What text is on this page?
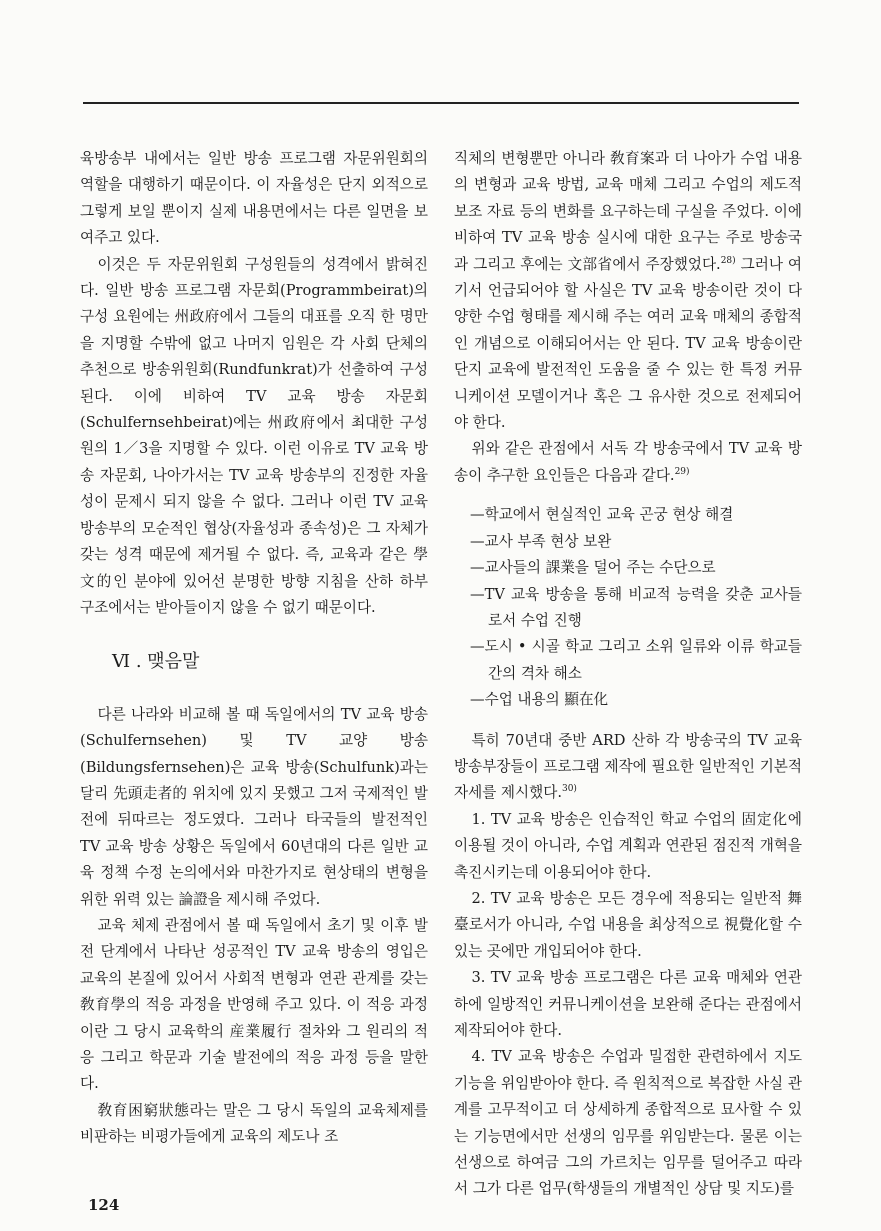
육방송부 내에서는 일반 방송 프로그램 자문위원회의 역할을 대행하기 때문이다. 이 자율성은 단지 외적으로 그렇게 보일 뿐이지 실제 내용면에서는 다른 일면을 보여주고 있다.

이것은 두 자문위원회 구성원들의 성격에서 밝혀진다. 일반 방송 프로그램 자문회(Programmbeirat)의 구성 요원에는 州政府에서 그들의 대표를 오직 한 명만을 지명할 수밖에 없고 나머지 임원은 각 사회 단체의 추천으로 방송위원회(Rundfunkrat)가 선출하여 구성된다. 이에 비하여 TV 교육 방송 자문회(Schulfernsehbeirat)에는 州政府에서 최대한 구성원의 1／3을 지명할 수 있다. 이런 이유로 TV 교육 방송 자문회, 나아가서는 TV 교육 방송부의 진정한 자율성이 문제시 되지 않을 수 없다. 그러나 이런 TV 교육 방송부의 모순적인 협상(자율성과 종속성)은 그 자체가 갖는 성격 때문에 제거될 수 없다. 즉, 교육과 같은 學文的인 분야에 있어선 분명한 방향 지침을 산하 하부 구조에서는 받아들이지 않을 수 없기 때문이다.

Ⅵ . 맺음말

다른 나라와 비교해 볼 때 독일에서의 TV 교육 방송(Schulfernsehen) 및 TV 교양 방송(Bildungsfernsehen)은 교육 방송(Schulfunk)과는 달리 先頭走者的 위치에 있지 못했고 그저 국제적인 발전에 뒤따르는 정도였다. 그러나 타국들의 발전적인 TV 교육 방송 상황은 독일에서 60년대의 다른 일반 교육 정책 수정 논의에서와 마찬가지로 현상태의 변형을 위한 위력 있는 論證을 제시해 주었다.

교육 체제 관점에서 볼 때 독일에서 초기 및 이후 발전 단계에서 나타난 성공적인 TV 교육 방송의 영입은 교육의 본질에 있어서 사회적 변형과 연관 관계를 갖는 敎育學의 적응 과정을 반영해 주고 있다. 이 적응 과정이란 그 당시 교육학의 産業履行 절차와 그 원리의 적응 그리고 학문과 기술 발전에의 적응 과정 등을 말한다.

敎育困窮狀態라는 말은 그 당시 독일의 교육체제를 비판하는 비평가들에게 교육의 제도나 조

직체의 변형뿐만 아니라 敎育案과 더 나아가 수업 내용의 변형과 교육 방법, 교육 매체 그리고 수업의 제도적 보조 자료 등의 변화를 요구하는데 구실을 주었다. 이에 비하여 TV 교육 방송 실시에 대한 요구는 주로 방송국과 그리고 후에는 文部省에서 주장했었다.$^{28)}$ 그러나 여기서 언급되어야 할 사실은 TV 교육 방송이란 것이 다양한 수업 형태를 제시해 주는 여러 교육 매체의 종합적인 개념으로 이해되어서는 안 된다. TV 교육 방송이란 단지 교육에 발전적인 도움을 줄 수 있는 한 특정 커뮤니케이션 모델이거나 혹은 그 유사한 것으로 전제되어야 한다.

위와 같은 관점에서 서독 각 방송국에서 TV 교육 방송이 추구한 요인들은 다음과 같다.$^{29)}$

—학교에서 현실적인 교육 곤궁 현상 해결
—교사 부족 현상 보완
—교사들의 課業을 덜어 주는 수단으로
—TV 교육 방송을 통해 비교적 능력을 갖춘 교사들로서 수업 진행
—도시 • 시골 학교 그리고 소위 일류와 이류 학교들 간의 격차 해소
—수업 내용의 顯在化

특히 70년대 중반 ARD 산하 각 방송국의 TV 교육 방송부장들이 프로그램 제작에 필요한 일반적인 기본적 자세를 제시했다.$^{30)}$

1. TV 교육 방송은 인습적인 학교 수업의 固定化에 이용될 것이 아니라, 수업 계획과 연관된 점진적 개혁을 촉진시키는데 이용되어야 한다.

2. TV 교육 방송은 모든 경우에 적용되는 일반적 舞臺로서가 아니라, 수업 내용을 최상적으로 視覺化할 수 있는 곳에만 개입되어야 한다.

3. TV 교육 방송 프로그램은 다른 교육 매체와 연관하에 일방적인 커뮤니케이션을 보완해 준다는 관점에서 제작되어야 한다.

4. TV 교육 방송은 수업과 밀접한 관련하에서 지도 기능을 위임받아야 한다. 즉 원칙적으로 복잡한 사실 관계를 고무적이고 더 상세하게 종합적으로 묘사할 수 있는 기능면에서만 선생의 임무를 위임받는다. 물론 이는 선생으로 하여금 그의 가르치는 임무를 덜어주고 따라서 그가 다른 업무(학생들의 개별적인 상담 및 지도)를

124
